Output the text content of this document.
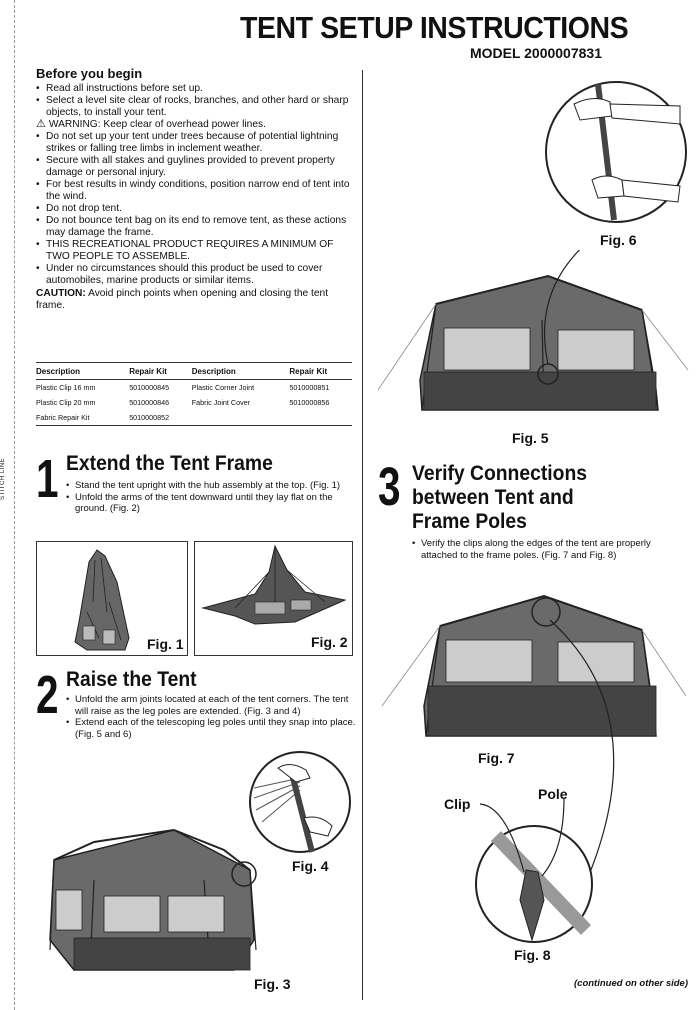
TENT SETUP INSTRUCTIONS
MODEL 2000007831
STITCH LINE
Before you begin
• Read all instructions before set up.
• Select a level site clear of rocks, branches, and other hard or sharp objects, to install your tent.
⚠ WARNING: Keep clear of overhead power lines.
• Do not set up your tent under trees because of potential lightning strikes or falling tree limbs in inclement weather.
• Secure with all stakes and guylines provided to prevent property damage or personal injury.
• For best results in windy conditions, position narrow end of tent into the wind.
• Do not drop tent.
• Do not bounce tent bag on its end to remove tent, as these actions may damage the frame.
• THIS RECREATIONAL PRODUCT REQUIRES A MINIMUM OF TWO PEOPLE TO ASSEMBLE.
• Under no circumstances should this product be used to cover automobiles, marine products or similar items.
CAUTION: Avoid pinch points when opening and closing the tent frame.
Description	Repair Kit	Description	Repair Kit
Plastic Clip 16 mm	5010000845	Plastic Corner Joint	5010000851
Plastic Clip 20 mm	5010000846	Fabric Joint Cover	5010000856
Fabric Repair Kit	5010000852		
1 Extend the Tent Frame
• Stand the tent upright with the hub assembly at the top. (Fig. 1)
• Unfold the arms of the tent downward until they lay flat on the ground. (Fig. 2)
Fig. 1	Fig. 2
2 Raise the Tent
• Unfold the arm joints located at each of the tent corners. The tent will raise as the leg poles are extended. (Fig. 3 and 4)
• Extend each of the telescoping leg poles until they snap into place. (Fig. 5 and 6)
Fig. 4
Fig. 3
Fig. 6
Fig. 5
3 Verify Connections
between Tent and
Frame Poles
• Verify the clips along the edges of the tent are properly attached to the frame poles. (Fig. 7 and Fig. 8)
Fig. 7
Clip
Pole
Fig. 8
(continued on other side)
